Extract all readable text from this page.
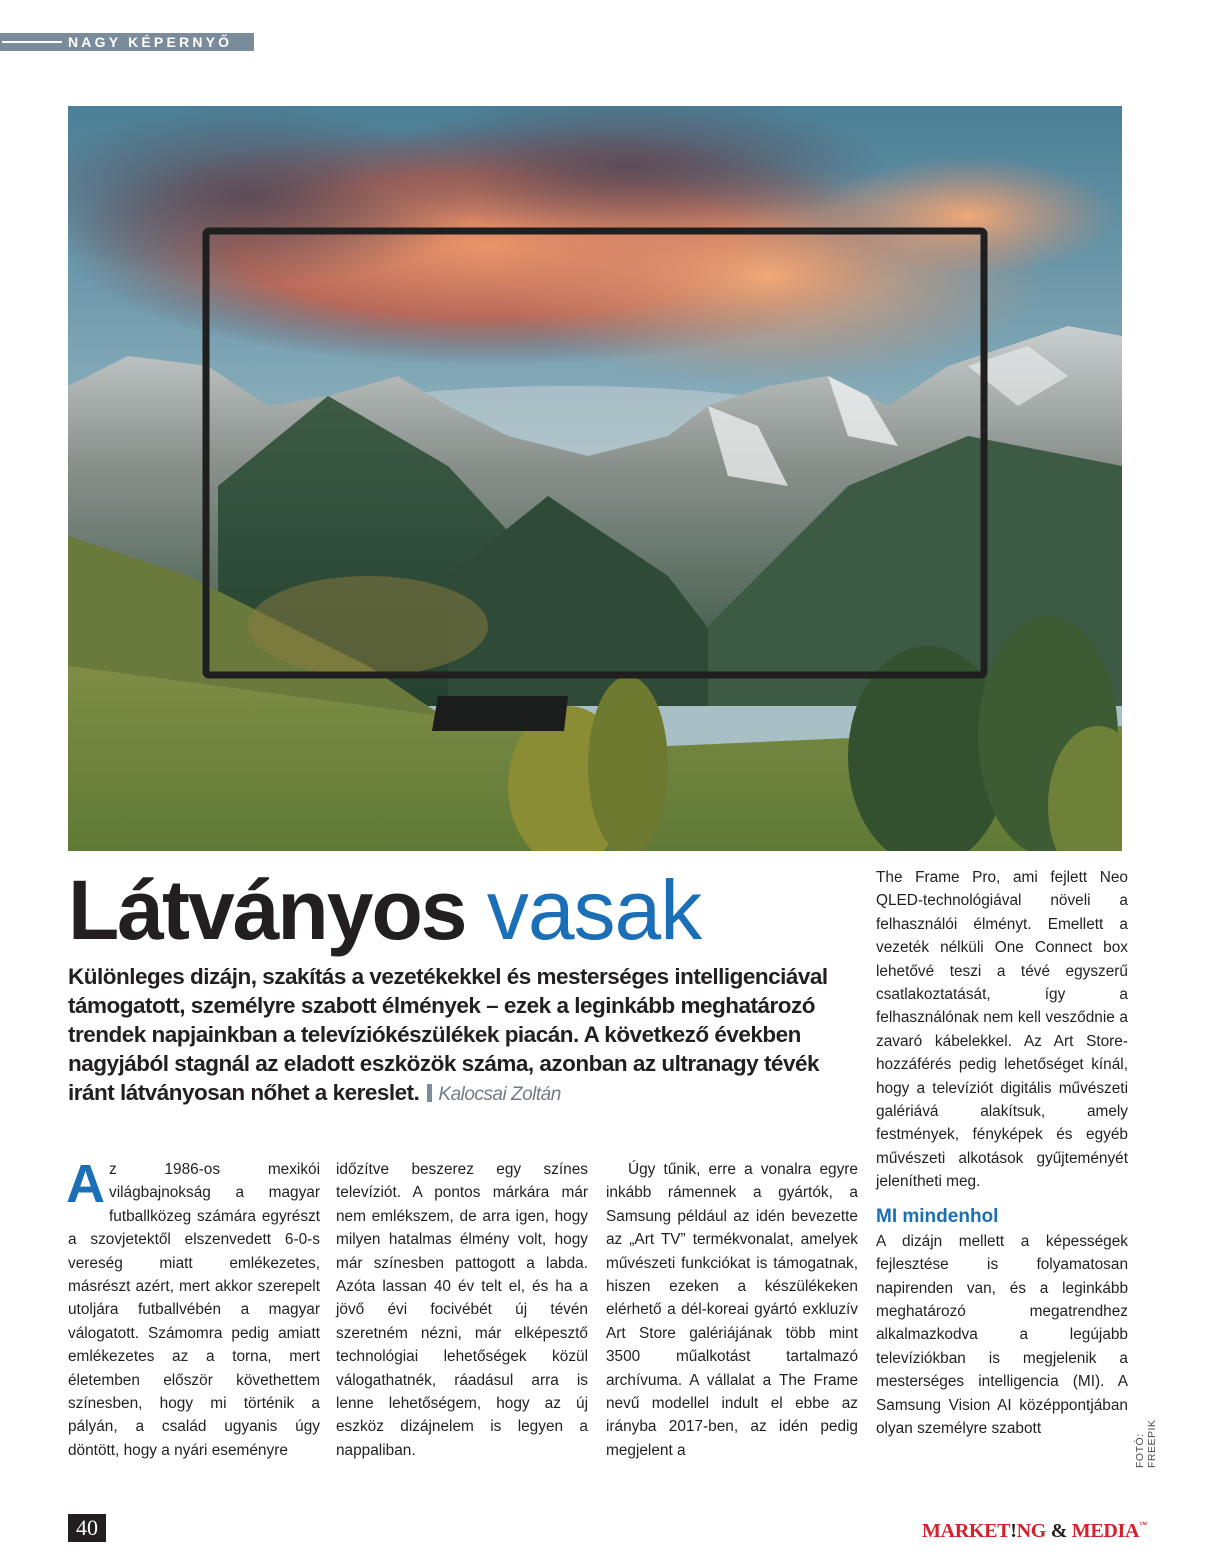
NAGY KÉPERNYŐ
Látványos vasak
Különleges dizájn, szakítás a vezetékekkel és mesterséges intelligenciával támogatott, személyre szabott élmények – ezek a leginkább meghatározó trendek napjainkban a televíziókészülékek piacán. A következő években nagyjából stagnál az eladott eszközök száma, azonban az ultranagy tévék iránt látványosan nőhet a kereslet. Kalocsai Zoltán
A z 1986-os mexikói világbajnokság a magyar futballközeg számára egyrészt a szovjetektől elszenvedett 6-0-s vereség miatt emlékezetes, másrészt azért, mert akkor szerepelt utoljára futballvébén a magyar válogatott. Számomra pedig amiatt emlékezetes az a torna, mert életemben először követhettem színesben, hogy mi történik a pályán, a család ugyanis úgy döntött, hogy a nyári eseményre

időzítve beszerez egy színes televíziót. A pontos márkára már nem emlékszem, de arra igen, hogy milyen hatalmas élmény volt, hogy már színesben pattogott a labda. Azóta lassan 40 év telt el, és ha a jövő évi focivébét új tévén szeretném nézni, már elképesztő technológiai lehetőségek közül válogathatnék, ráadásul arra is lenne lehetőségem, hogy az új eszköz dizájnelem is legyen a nappaliban.

Úgy tűnik, erre a vonalra egyre inkább rámennek a gyártók, a Samsung például az idén bevezette az „Art TV” termékvonalat, amelyek művészeti funkciókat is támogatnak, hiszen ezeken a készülékeken elérhető a dél-koreai gyártó exkluzív Art Store galériájának több mint 3500 műalkotást tartalmazó archívuma. A vállalat a The Frame nevű modellel indult el ebbe az irányba 2017-ben, az idén pedig megjelent a

The Frame Pro, ami fejlett Neo QLED-technológiával növeli a felhasználói élményt. Emellett a vezeték nélküli One Connect box lehetővé teszi a tévé egyszerű csatlakoztatását, így a felhasználónak nem kell vesződnie a zavaró kábelekkel. Az Art Store-hozzáférés pedig lehetőséget kínál, hogy a televíziót digitális művészeti galériává alakítsuk, amely festmények, fényképek és egyéb művészeti alkotások gyűjteményét jelenítheti meg.

MI mindenhol

A dizájn mellett a képességek fejlesztése is folyamatosan napirenden van, és a leginkább meghatározó megatrendhez alkalmazkodva a legújabb televíziókban is megjelenik a mesterséges intelligencia (MI). A Samsung Vision AI középpontjában olyan személyre szabott

FOTÓ: FREEPIK
40	MARKET!NG & MEDIA™
